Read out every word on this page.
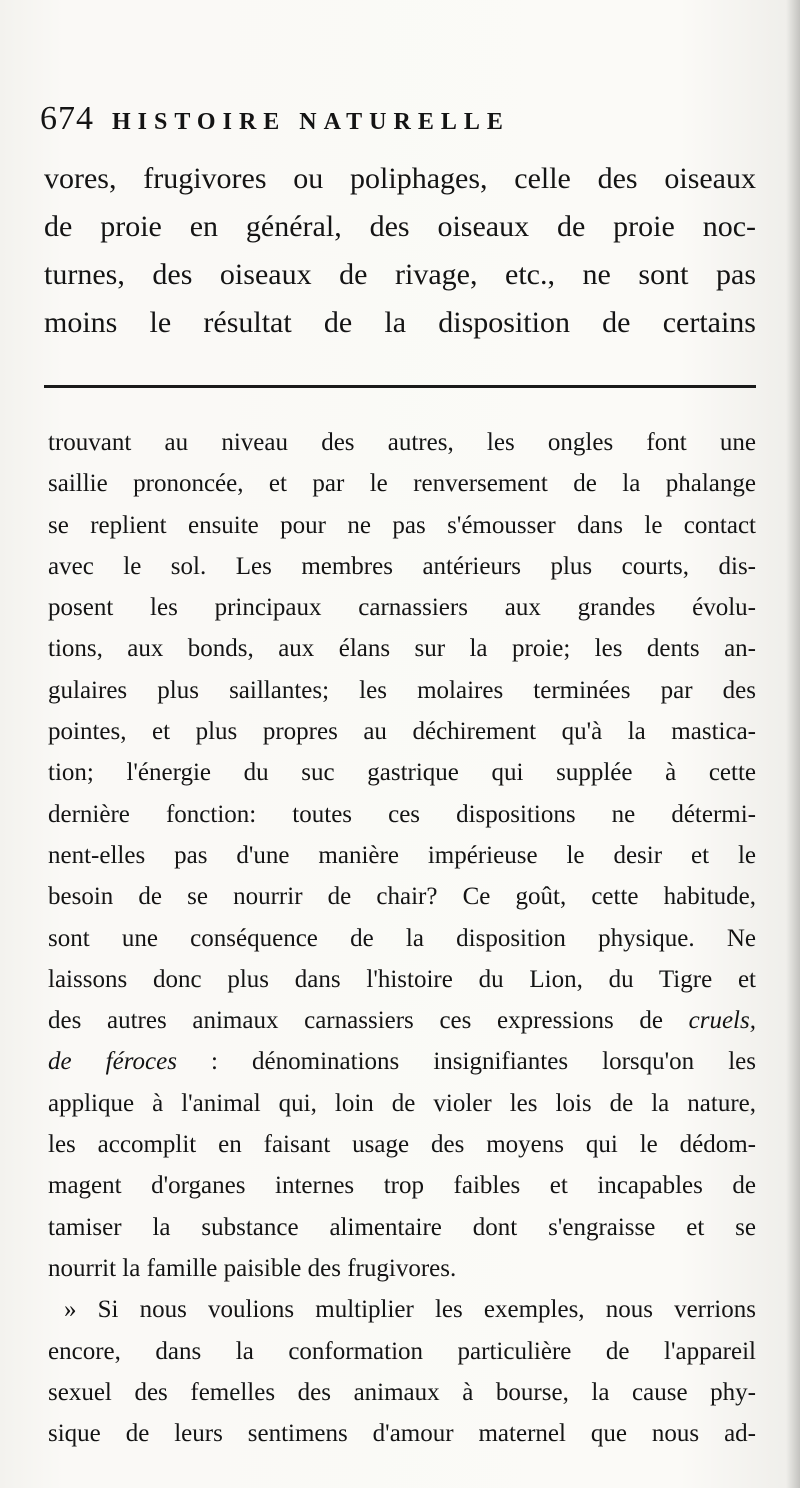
674 HISTOIRE NATURELLE
vores, frugivores ou poliphages, celle des oiseaux
de proie en général, des oiseaux de proie noc-
turnes, des oiseaux de rivage, etc., ne sont pas
moins le résultat de la disposition de certains
trouvant au niveau des autres, les ongles font une
saillie prononcée, et par le renversement de la phalange
se replient ensuite pour ne pas s'émousser dans le contact
avec le sol. Les membres antérieurs plus courts, dis-
posent les principaux carnassiers aux grandes évolu-
tions, aux bonds, aux élans sur la proie; les dents an-
gulaires plus saillantes; les molaires terminées par des
pointes, et plus propres au déchirement qu'à la mastica-
tion; l'énergie du suc gastrique qui supplée à cette
dernière fonction: toutes ces dispositions ne détermi-
nent-elles pas d'une manière impérieuse le desir et le
besoin de se nourrir de chair? Ce goût, cette habitude,
sont une conséquence de la disposition physique. Ne
laissons donc plus dans l'histoire du Lion, du Tigre et
des autres animaux carnassiers ces expressions de cruels,
de féroces : dénominations insignifiantes lorsqu'on les
applique à l'animal qui, loin de violer les lois de la nature,
les accomplit en faisant usage des moyens qui le dédom-
magent d'organes internes trop faibles et incapables de
tamiser la substance alimentaire dont s'engraisse et se
nourrit la famille paisible des frugivores.
» Si nous voulions multiplier les exemples, nous verrions
encore, dans la conformation particulière de l'appareil
sexuel des femelles des animaux à bourse, la cause phy-
sique de leurs sentimens d'amour maternel que nous ad-
